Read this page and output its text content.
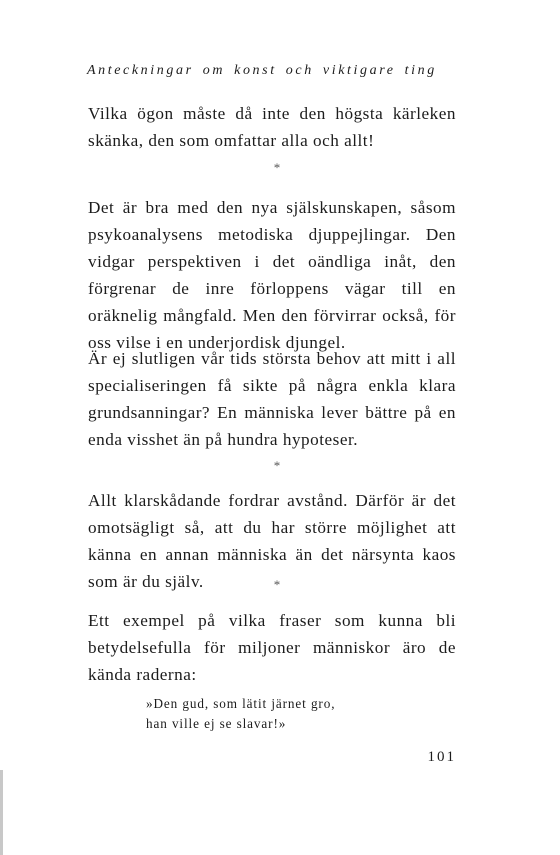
Anteckningar om konst och viktigare ting

Vilka ögon måste då inte den högsta kärleken skänka, den som omfattar alla och allt!

*

Det är bra med den nya själskunskapen, såsom psykoanalysens metodiska djuppejlingar. Den vidgar perspektiven i det oändliga inåt, den förgrenar de inre förloppens vägar till en oräknelig mångfald. Men den förvirrar också, för oss vilse i en underjordisk djungel.

Är ej slutligen vår tids största behov att mitt i all specialiseringen få sikte på några enkla klara grundsanningar? En människa lever bättre på en enda visshet än på hundra hypoteser.

*

Allt klarskådande fordrar avstånd. Därför är det omotsägligt så, att du har större möjlighet att känna en annan människa än det närsynta kaos som är du själv.	*

Ett exempel på vilka fraser som kunna bli betydelsefulla för miljoner människor äro de kända raderna:

»Den gud, som lätit järnet gro,
han ville ej se slavar!»

101
